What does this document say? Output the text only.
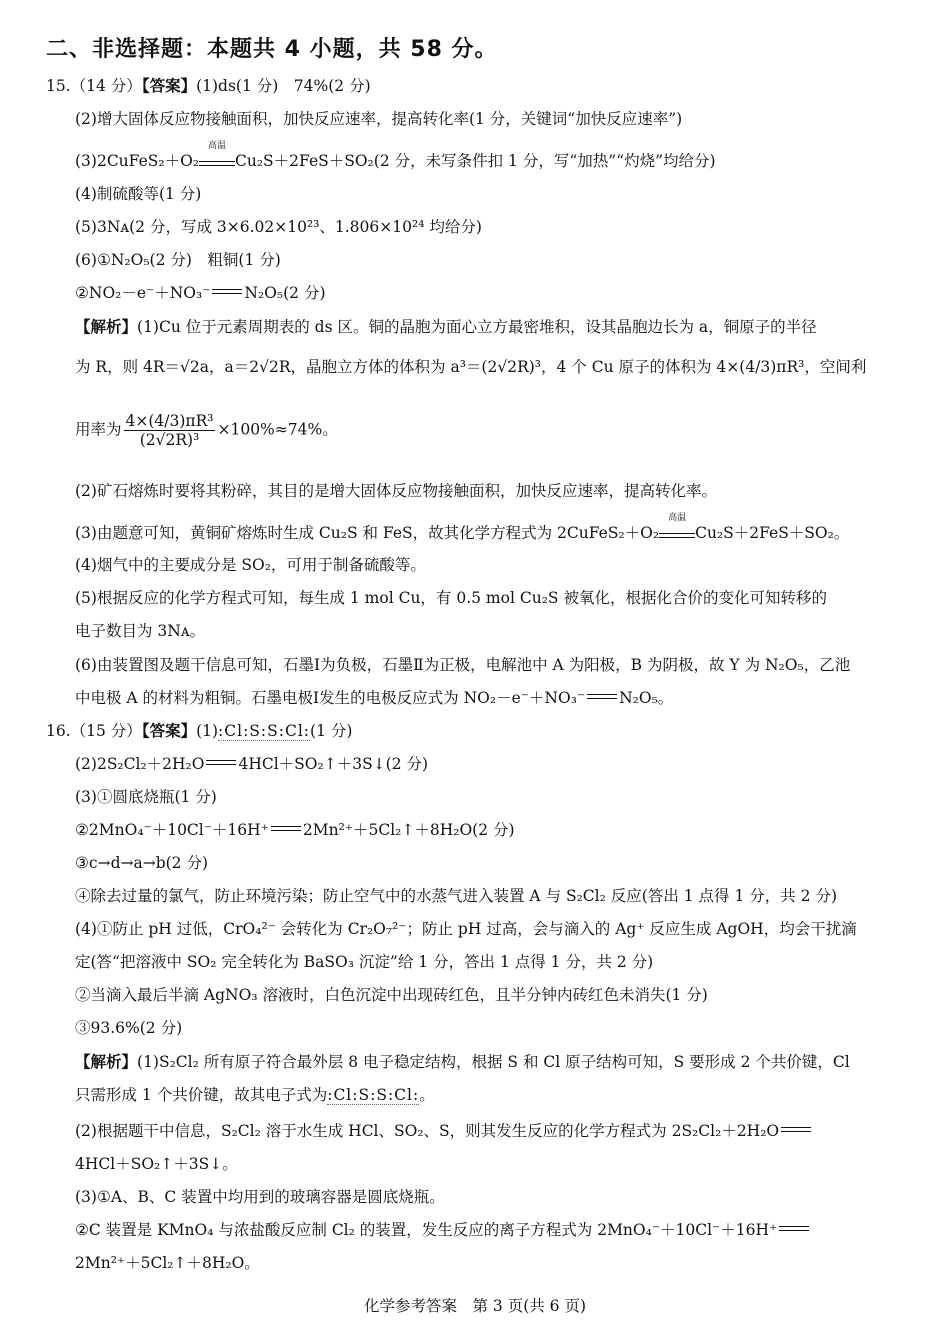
二、非选择题：本题共 4 小题，共 58 分。
15.（14 分）【答案】(1)ds(1 分)　74%(2 分)
(2)增大固体反应物接触面积，加快反应速率，提高转化率(1 分，关键词“加快反应速率”)
(3)2CuFeS₂＋O₂
高温
Cu₂S＋2FeS＋SO₂(2 分，未写条件扣 1 分，写“加热”“灼烧”均给分)
(4)制硫酸等(1 分)
(5)3Nᴀ(2 分，写成 3×6.02×10²³、1.806×10²⁴ 均给分)
(6)①N₂O₅(2 分)　粗铜(1 分)
②NO₂－e⁻＋NO₃⁻ N₂O₅(2 分)
【解析】(1)Cu 位于元素周期表的 ds 区。铜的晶胞为面心立方最密堆积，设其晶胞边长为 a，铜原子的半径
为 R，则 4R＝√2a，a＝2√2R，晶胞立方体的体积为 a³＝(2√2R)³，4 个 Cu 原子的体积为 4×(4/3)πR³，空间利
用率为 $\frac{\text{4×(4/3)πR³}}{\text{(2√2R)³}} \times 100\%\approx 74\%$。
(2)矿石熔炼时要将其粉碎，其目的是增大固体反应物接触面积，加快反应速率，提高转化率。
(3)由题意可知，黄铜矿熔炼时生成 Cu₂S 和 FeS，故其化学方程式为 2CuFeS₂＋O₂
高温
Cu₂S＋2FeS＋SO₂。
(4)烟气中的主要成分是 SO₂，可用于制备硫酸等。
(5)根据反应的化学方程式可知，每生成 1 mol Cu，有 0.5 mol Cu₂S 被氧化，根据化合价的变化可知转移的
电子数目为 3Nᴀ。
(6)由装置图及题干信息可知，石墨Ⅰ为负极，石墨Ⅱ为正极，电解池中 A 为阳极，B 为阴极，故 Y 为 N₂O₅，乙池
中电极 A 的材料为粗铜。石墨电极Ⅰ发生的电极反应式为 NO₂－e⁻＋NO₃⁻ N₂O₅。
16.（15 分）【答案】(1):Cl:S:S:Cl:(1 分)
(2)2S₂Cl₂＋2H₂O 4HCl＋SO₂↑＋3S↓(2 分)
(3)①圆底烧瓶(1 分)
②2MnO₄⁻＋10Cl⁻＋16H⁺ 2Mn²⁺＋5Cl₂↑＋8H₂O(2 分)
③c→d→a→b(2 分)
④除去过量的氯气，防止环境污染；防止空气中的水蒸气进入装置 A 与 S₂Cl₂ 反应(答出 1 点得 1 分，共 2 分)
(4)①防止 pH 过低，CrO₄²⁻ 会转化为 Cr₂O₇²⁻；防止 pH 过高，会与滴入的 Ag⁺ 反应生成 AgOH，均会干扰滴
定(答“把溶液中 SO₂ 完全转化为 BaSO₃ 沉淀”给 1 分，答出 1 点得 1 分，共 2 分)
②当滴入最后半滴 AgNO₃ 溶液时，白色沉淀中出现砖红色，且半分钟内砖红色未消失(1 分)
③93.6%(2 分)
【解析】(1)S₂Cl₂ 所有原子符合最外层 8 电子稳定结构，根据 S 和 Cl 原子结构可知，S 要形成 2 个共价键，Cl
只需形成 1 个共价键，故其电子式为:Cl:S:S:Cl:。
(2)根据题干中信息，S₂Cl₂ 溶于水生成 HCl、SO₂、S，则其发生反应的化学方程式为 2S₂Cl₂＋2H₂O
4HCl＋SO₂↑＋3S↓。
(3)①A、B、C 装置中均用到的玻璃容器是圆底烧瓶。
②C 装置是 KMnO₄ 与浓盐酸反应制 Cl₂ 的装置，发生反应的离子方程式为 2MnO₄⁻＋10Cl⁻＋16H⁺
2Mn²⁺＋5Cl₂↑＋8H₂O。
化学参考答案　第 3 页(共 6 页)
